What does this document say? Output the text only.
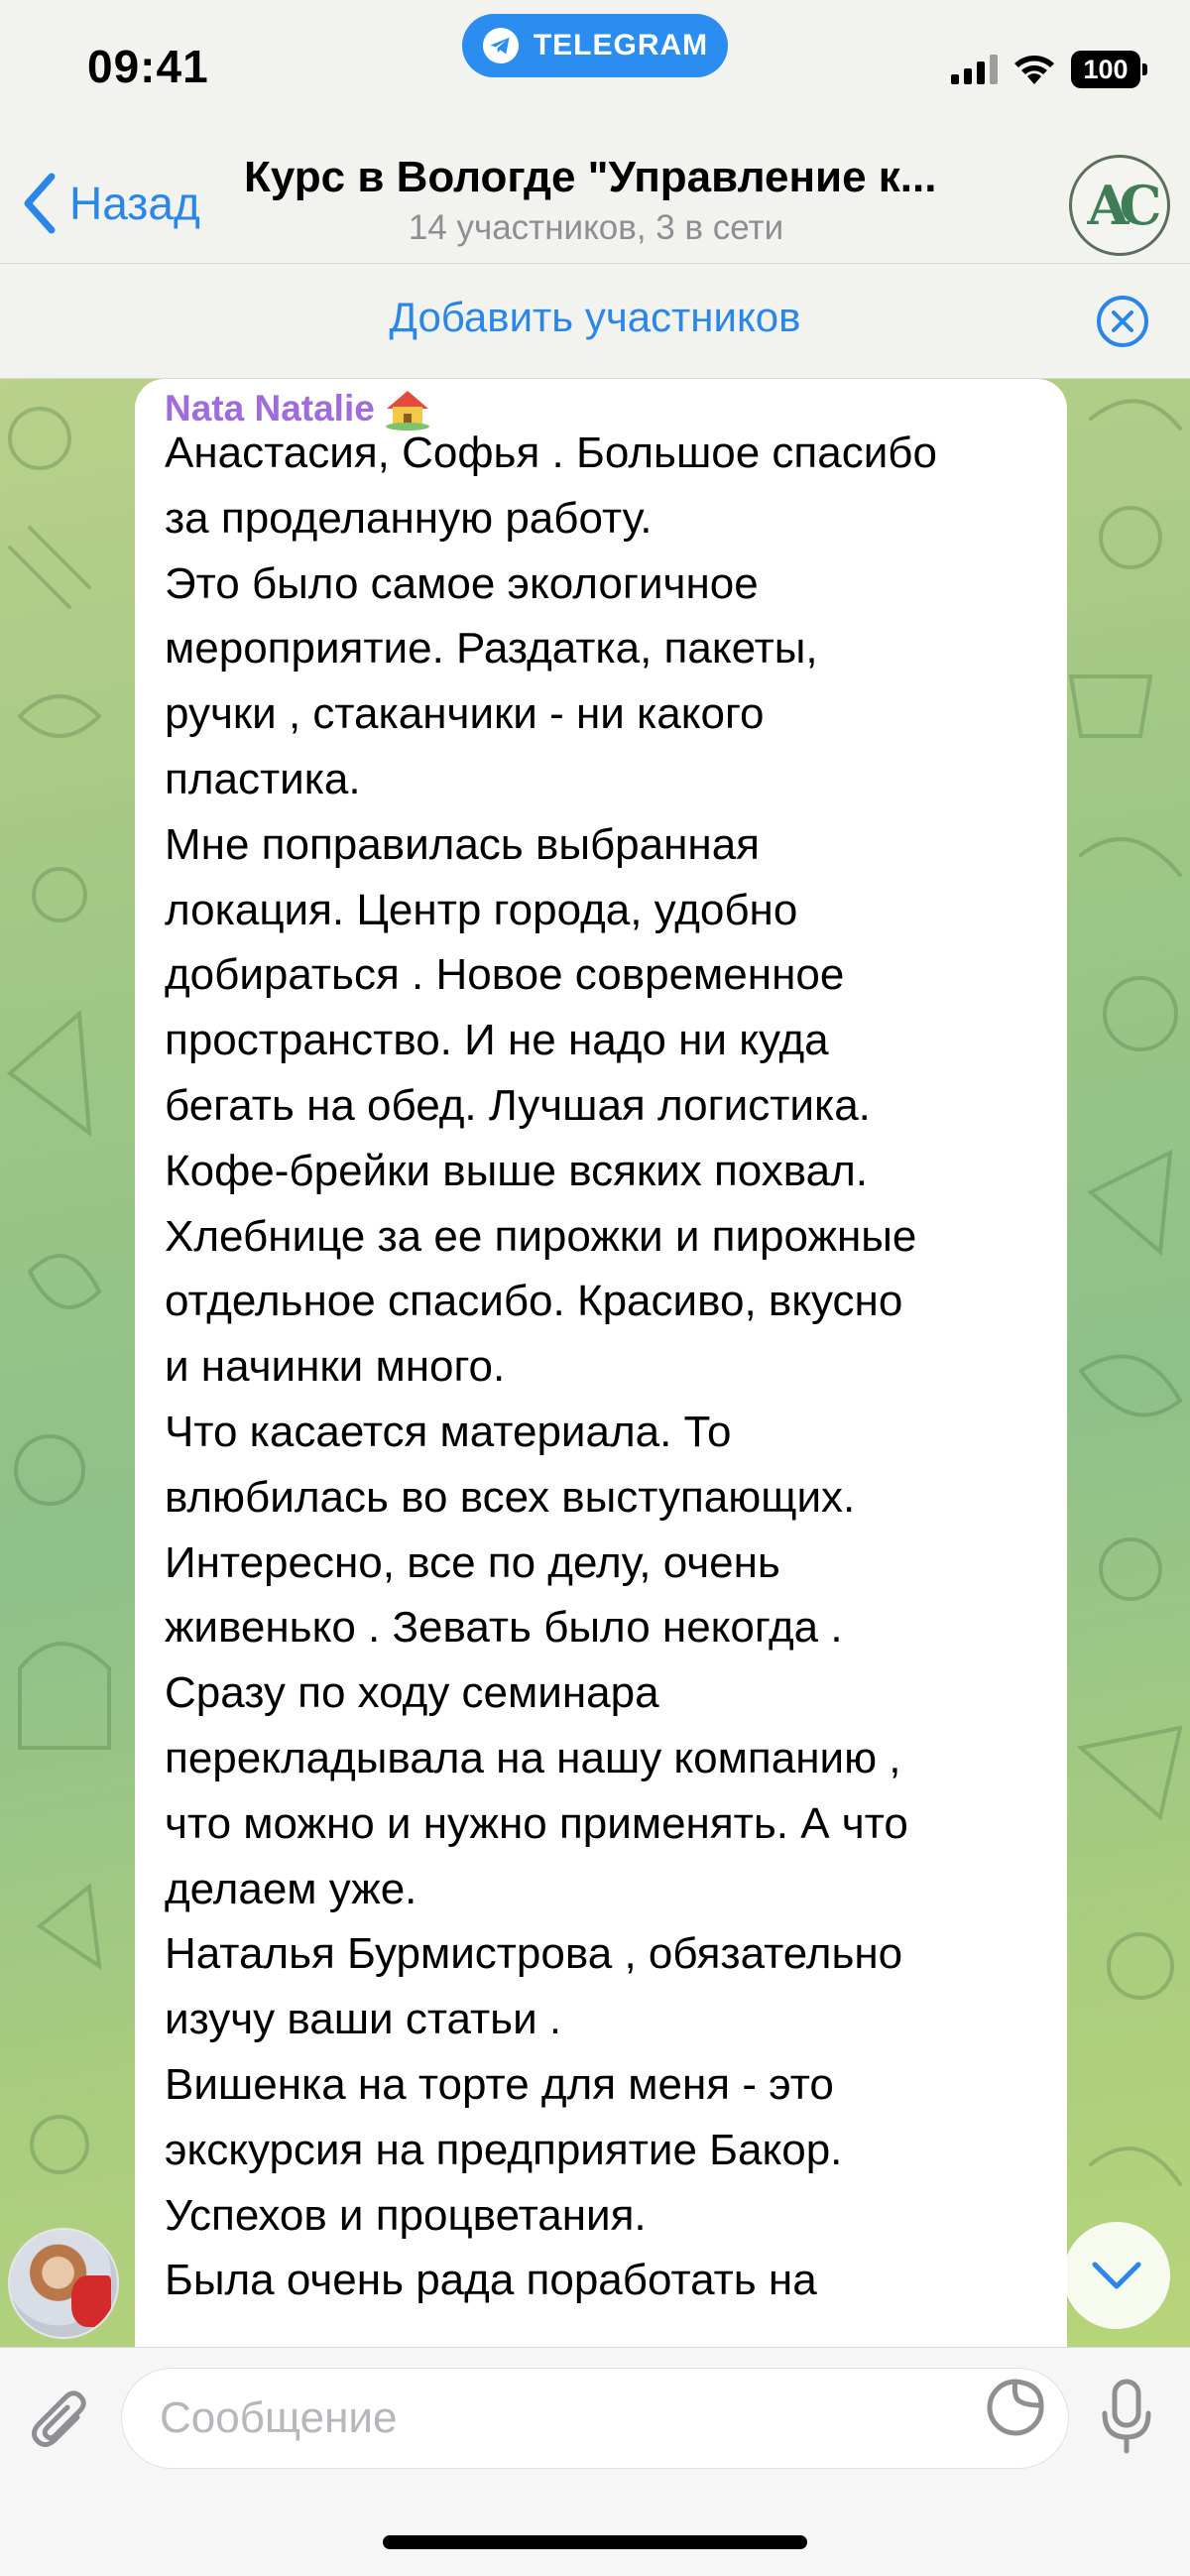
09:41	TELEGRAM
100
Назад
Курс в Вологде "Управление к...
14 участников, 3 в сети	AC
Добавить участников
Nata Natalie
Анастасия, Софья . Большое спасибо
за проделанную работу.
Это было самое экологичное
мероприятие. Раздатка, пакеты,
ручки , стаканчики - ни какого
пластика.
Мне поправилась выбранная
локация. Центр города, удобно
добираться . Новое современное
пространство. И не надо ни куда
бегать на обед. Лучшая логистика.
Кофе-брейки выше всяких похвал.
Хлебнице за ее пирожки и пирожные
отдельное спасибо. Красиво, вкусно
и начинки много.
Что касается материала. То
влюбилась во всех выступающих.
Интересно, все по делу, очень
живенько . Зевать было некогда .
Сразу по ходу семинара
перекладывала на нашу компанию ,
что можно и нужно применять. А что
делаем уже.
Наталья Бурмистрова , обязательно
изучу ваши статьи .
Вишенка на торте для меня - это
экскурсия на предприятие Бакор.
Успехов и процветания.
Была очень рада поработать на
Сообщение
